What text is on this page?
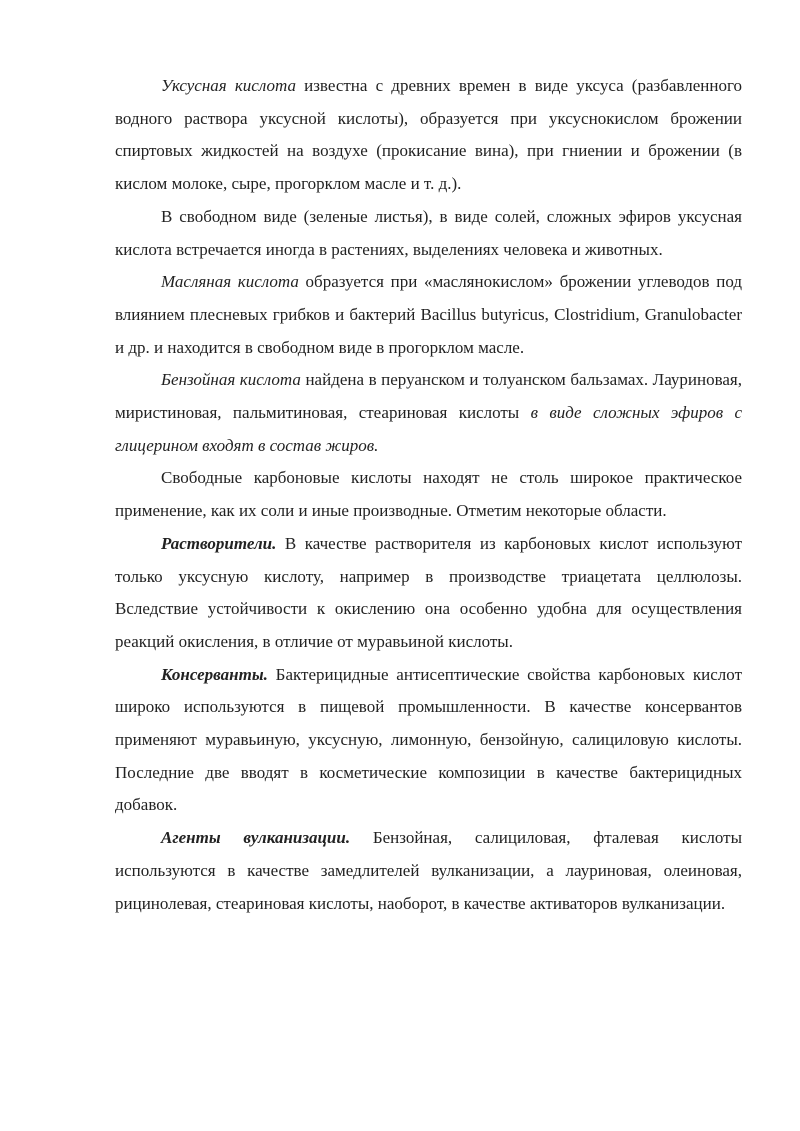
Уксусная кислота известна с древних времен в виде уксуса (разбавленного водного раствора уксусной кислоты), образуется при уксуснокислом брожении спиртовых жидкостей на воздухе (прокисание вина), при гниении и брожении (в кислом молоке, сыре, прогорклом масле и т. д.).

В свободном виде (зеленые листья), в виде солей, сложных эфиров уксусная кислота встречается иногда в растениях, выделениях человека и животных.

Масляная кислота образуется при «маслянокислом» брожении углеводов под влиянием плесневых грибков и бактерий Bacillus butyricus, Clostridium, Granulobacter и др. и находится в свободном виде в прогорклом масле.

Бензойная кислота найдена в перуанском и толуанском бальзамах. Лауриновая, миристиновая, пальмитиновая, стеариновая кислоты в виде сложных эфиров с глицерином входят в состав жиров.

Свободные карбоновые кислоты находят не столь широкое практическое применение, как их соли и иные производные. Отметим некоторые области.

Растворители. В качестве растворителя из карбоновых кислот используют только уксусную кислоту, например в производстве триацетата целлюлозы. Вследствие устойчивости к окислению она особенно удобна для осуществления реакций окисления, в отличие от муравьиной кислоты.

Консерванты. Бактерицидные антисептические свойства карбоновых кислот широко используются в пищевой промышленности. В качестве консервантов применяют муравьиную, уксусную, лимонную, бензойную, салициловую кислоты. Последние две вводят в косметические композиции в качестве бактерицидных добавок.

Агенты вулканизации. Бензойная, салициловая, фталевая кислоты используются в качестве замедлителей вулканизации, а лауриновая, олеиновая, рицинолевая, стеариновая кислоты, наоборот, в качестве активаторов вулканизации.
